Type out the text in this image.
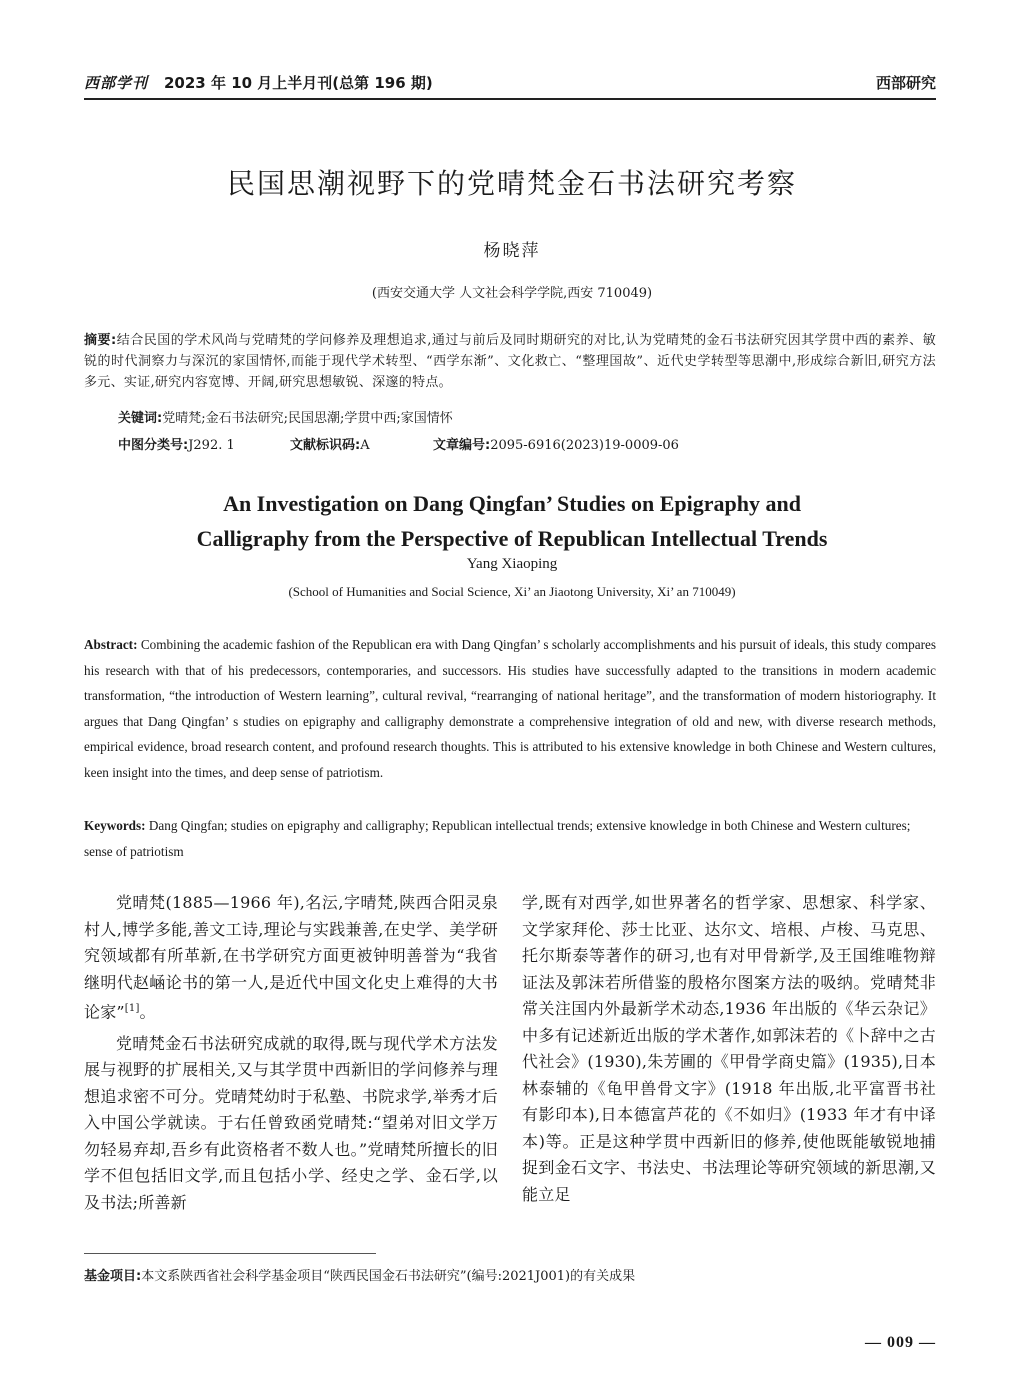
西部学刊 2023 年 10 月上半月刊(总第 196 期)	西部研究
民国思潮视野下的党晴梵金石书法研究考察
杨晓萍
(西安交通大学 人文社会科学学院,西安 710049)
摘要:结合民国的学术风尚与党晴梵的学问修养及理想追求,通过与前后及同时期研究的对比,认为党晴梵的金石书法研究因其学贯中西的素养、敏锐的时代洞察力与深沉的家国情怀,而能于现代学术转型、“西学东渐”、文化救亡、“整理国故”、近代史学转型等思潮中,形成综合新旧,研究方法多元、实证,研究内容宽博、开阔,研究思想敏锐、深邃的特点。
关键词:党晴梵;金石书法研究;民国思潮;学贯中西;家国情怀
中图分类号:J292. 1	文献标识码:A	文章编号:2095-6916(2023)19-0009-06
An Investigation on Dang Qingfan’ Studies on Epigraphy and
Calligraphy from the Perspective of Republican Intellectual Trends
Yang Xiaoping
(School of Humanities and Social Science, Xi’ an Jiaotong University, Xi’ an 710049)
Abstract: Combining the academic fashion of the Republican era with Dang Qingfan’ s scholarly accomplishments and his pursuit of ideals, this study compares his research with that of his predecessors, contemporaries, and successors. His studies have successfully adapted to the transitions in modern academic transformation, “the introduction of Western learning”, cultural revival, “rearranging of national heritage”, and the transformation of modern historiography. It argues that Dang Qingfan’ s studies on epigraphy and calligraphy demonstrate a comprehensive integration of old and new, with diverse research methods, empirical evidence, broad research content, and profound research thoughts. This is attributed to his extensive knowledge in both Chinese and Western cultures, keen insight into the times, and deep sense of patriotism.
Keywords: Dang Qingfan; studies on epigraphy and calligraphy; Republican intellectual trends; extensive knowledge in both Chinese and Western cultures; sense of patriotism

党晴梵(1885—1966 年),名沄,字晴梵,陕西合阳灵泉村人,博学多能,善文工诗,理论与实践兼善,在史学、美学研究领域都有所革新,在书学研究方面更被钟明善誉为“我省继明代赵崡论书的第一人,是近代中国文化史上难得的大书论家”[1]。

党晴梵金石书法研究成就的取得,既与现代学术方法发展与视野的扩展相关,又与其学贯中西新旧的学问修养与理想追求密不可分。党晴梵幼时于私塾、书院求学,举秀才后入中国公学就读。于右任曾致函党晴梵:“望弟对旧文学万勿轻易弃却,吾乡有此资格者不数人也。”党晴梵所擅长的旧学不但包括旧文学,而且包括小学、经史之学、金石学,以及书法;所善新

学,既有对西学,如世界著名的哲学家、思想家、科学家、文学家拜伦、莎士比亚、达尔文、培根、卢梭、马克思、托尔斯泰等著作的研习,也有对甲骨新学,及王国维唯物辩证法及郭沫若所借鉴的殷格尔图案方法的吸纳。党晴梵非常关注国内外最新学术动态,1936 年出版的《华云杂记》中多有记述新近出版的学术著作,如郭沫若的《卜辞中之古代社会》(1930),朱芳圃的《甲骨学商史篇》(1935),日本林泰辅的《龟甲兽骨文字》(1918 年出版,北平富晋书社有影印本),日本德富芦花的《不如归》(1933 年才有中译本)等。正是这种学贯中西新旧的修养,使他既能敏锐地捕捉到金石文字、书法史、书法理论等研究领域的新思潮,又能立足

基金项目:本文系陕西省社会科学基金项目“陕西民国金石书法研究”(编号:2021J001)的有关成果
— 009 —
